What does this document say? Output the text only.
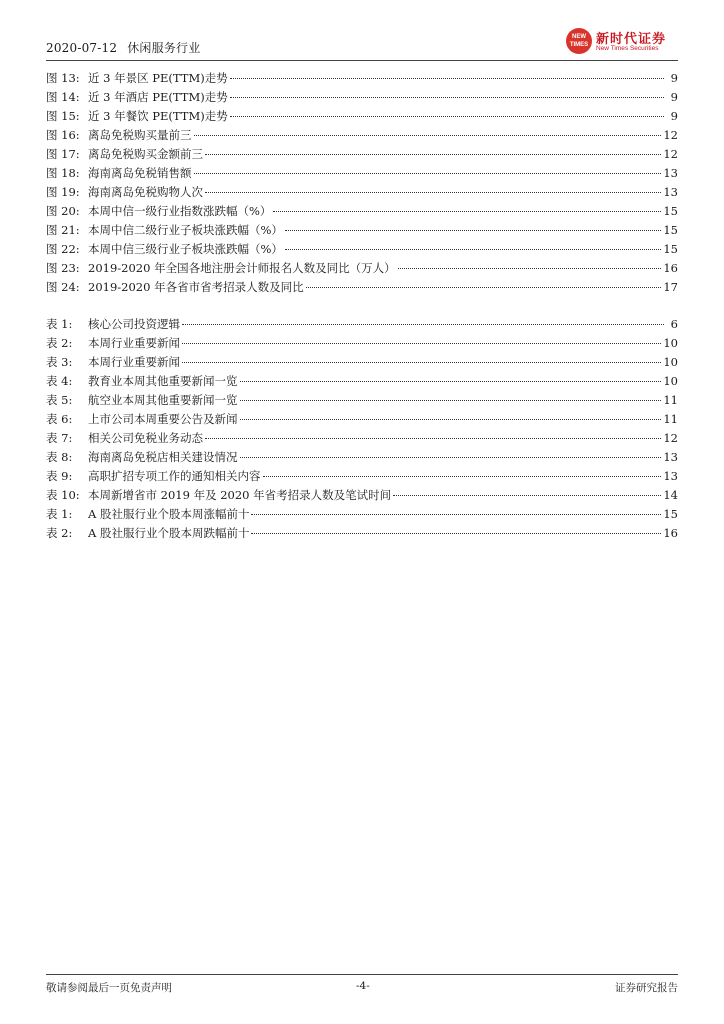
2020-07-12 休闲服务行业
NEW TIMES 新时代证券
New Times Securities
图 13: 近 3 年景区 PE(TTM)走势	9
图 14: 近 3 年酒店 PE(TTM)走势	9
图 15: 近 3 年餐饮 PE(TTM)走势	9
图 16: 离岛免税购买量前三	12
图 17: 离岛免税购买金额前三	12
图 18: 海南离岛免税销售额	13
图 19: 海南离岛免税购物人次	13
图 20: 本周中信一级行业指数涨跌幅（%）	15
图 21: 本周中信二级行业子板块涨跌幅（%）	15
图 22: 本周中信三级行业子板块涨跌幅（%）	15
图 23: 2019-2020 年全国各地注册会计师报名人数及同比（万人）	16
图 24: 2019-2020 年各省市省考招录人数及同比	17
表 1:	核心公司投资逻辑	6
表 2:	本周行业重要新闻	10
表 3:	本周行业重要新闻	10
表 4:	教育业本周其他重要新闻一览	10
表 5:	航空业本周其他重要新闻一览	11
表 6:	上市公司本周重要公告及新闻	11
表 7:	相关公司免税业务动态	12
表 8:	海南离岛免税店相关建设情况	13
表 9:	高职扩招专项工作的通知相关内容	13
表 10: 本周新增省市 2019 年及 2020 年省考招录人数及笔试时间	14
表 1:	A 股社服行业个股本周涨幅前十	15
表 2:	A 股社服行业个股本周跌幅前十	16
敬请参阅最后一页免责声明	-4-	证券研究报告
